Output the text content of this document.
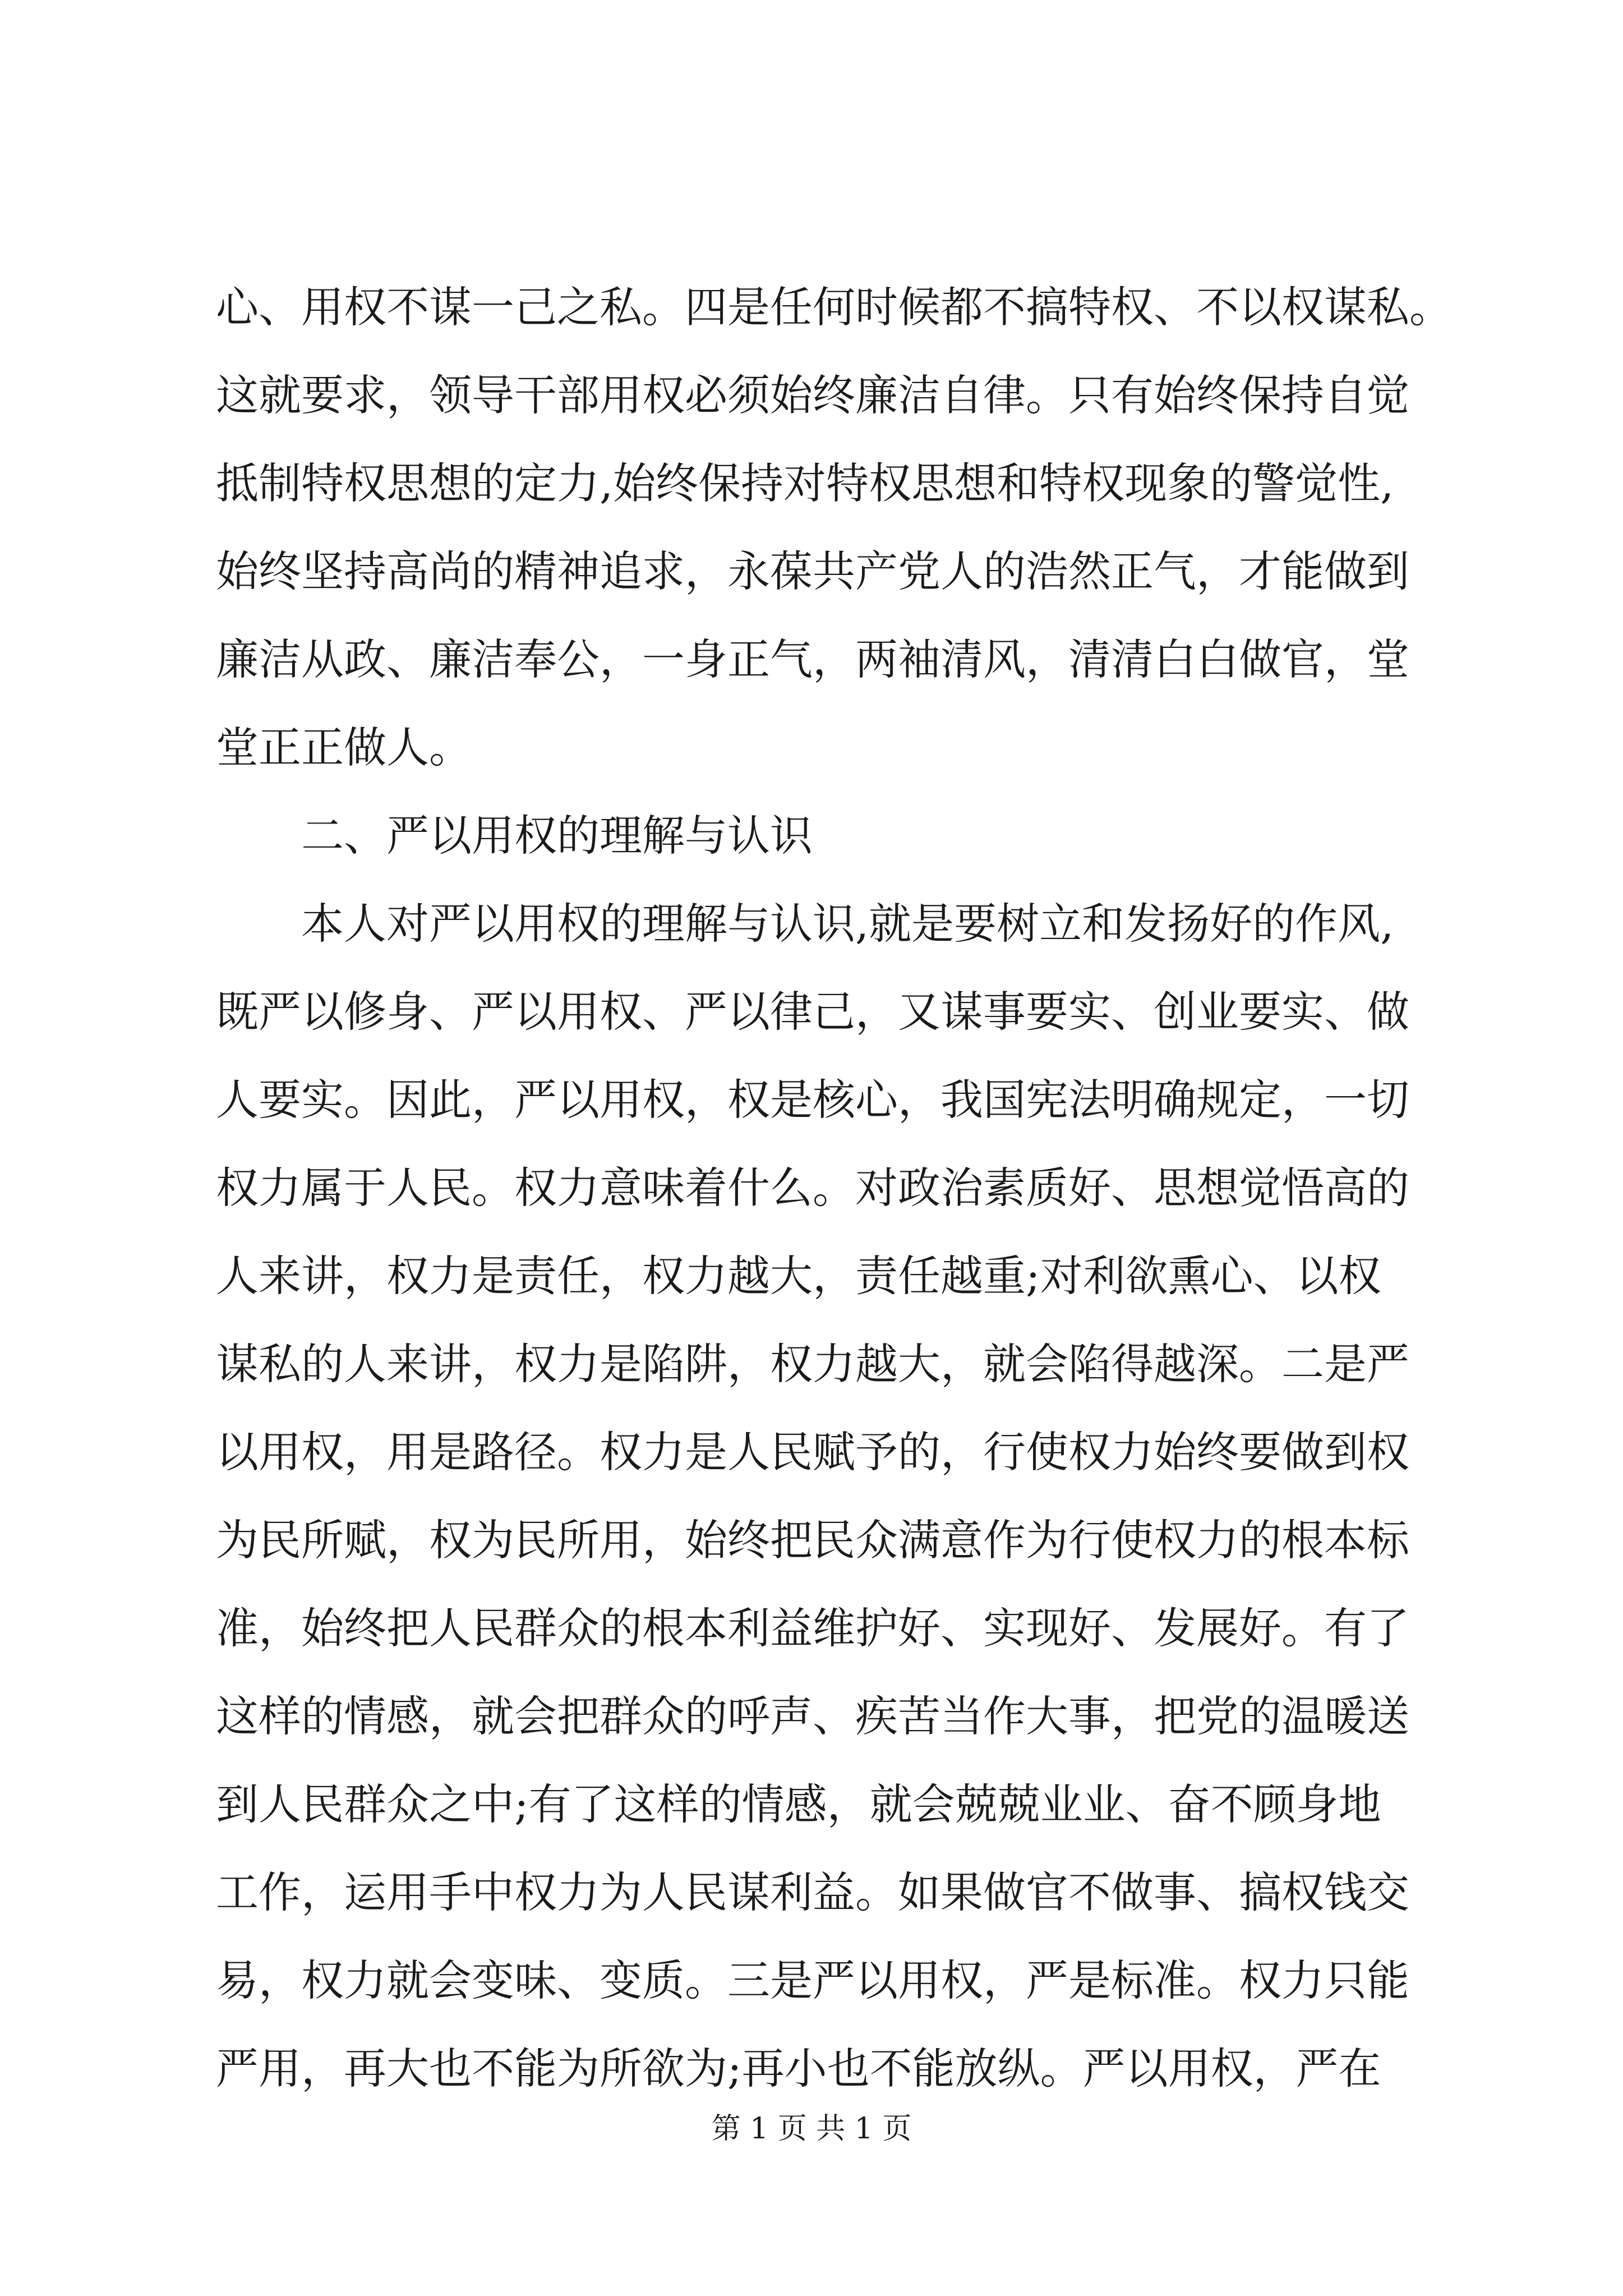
心、用权不谋一己之私。四是任何时候都不搞特权、不以权谋私。
这就要求，领导干部用权必须始终廉洁自律。只有始终保持自觉
抵制特权思想的定力,始终保持对特权思想和特权现象的警觉性,
始终坚持高尚的精神追求，永葆共产党人的浩然正气，才能做到
廉洁从政、廉洁奉公，一身正气，两袖清风，清清白白做官，堂
堂正正做人。
二、严以用权的理解与认识
本人对严以用权的理解与认识,就是要树立和发扬好的作风,
既严以修身、严以用权、严以律己，又谋事要实、创业要实、做
人要实。因此，严以用权，权是核心，我国宪法明确规定，一切
权力属于人民。权力意味着什么。对政治素质好、思想觉悟高的
人来讲，权力是责任，权力越大，责任越重;对利欲熏心、以权
谋私的人来讲，权力是陷阱，权力越大，就会陷得越深。二是严
以用权，用是路径。权力是人民赋予的，行使权力始终要做到权
为民所赋，权为民所用，始终把民众满意作为行使权力的根本标
准，始终把人民群众的根本利益维护好、实现好、发展好。有了
这样的情感，就会把群众的呼声、疾苦当作大事，把党的温暖送
到人民群众之中;有了这样的情感，就会兢兢业业、奋不顾身地
工作，运用手中权力为人民谋利益。如果做官不做事、搞权钱交
易，权力就会变味、变质。三是严以用权，严是标准。权力只能
严用，再大也不能为所欲为;再小也不能放纵。严以用权，严在
第 1 页 共 1 页
